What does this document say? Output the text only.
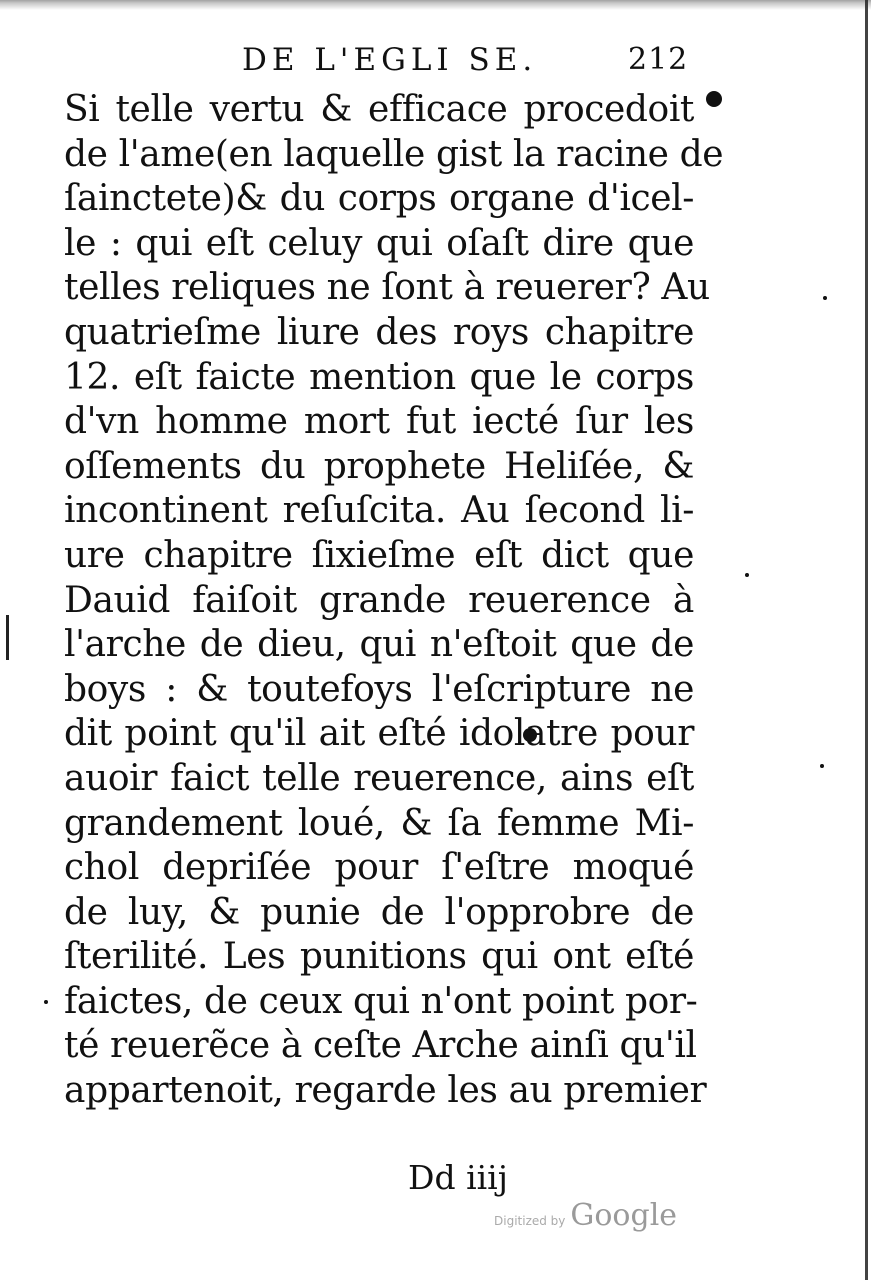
DE L'EGLI SE.	212
Si telle vertu & efficace procedoit
de l'ame(en laquelle gist la racine de
ſainctete)& du corps organe d'icel-
le : qui eſt celuy qui oſaſt dire que
telles reliques ne ſont à reuerer? Au
quatrieſme liure des roys chapitre
12. eſt faicte mention que le corps
d'vn homme mort fut iecté ſur les
oſſements du prophete Heliſée, &
incontinent reſuſcita. Au ſecond li-
ure chapitre ſixieſme eſt dict que
Dauid faiſoit grande reuerence à
l'arche de dieu, qui n'eſtoit que de
boys : & toutefoys l'eſcripture ne
dit point qu'il ait eſté idolatre pour
auoir faict telle reuerence, ains eſt
grandement loué, & ſa femme Mi-
chol depriſée pour ſ'eſtre moqué
de luy, & punie de l'opprobre de
ſterilité. Les punitions qui ont eſté
faictes, de ceux qui n'ont point por-
té reuerẽce à ceſte Arche ainſi qu'il
appartenoit, regarde les au premier
Dd iiij
Digitized by Google
